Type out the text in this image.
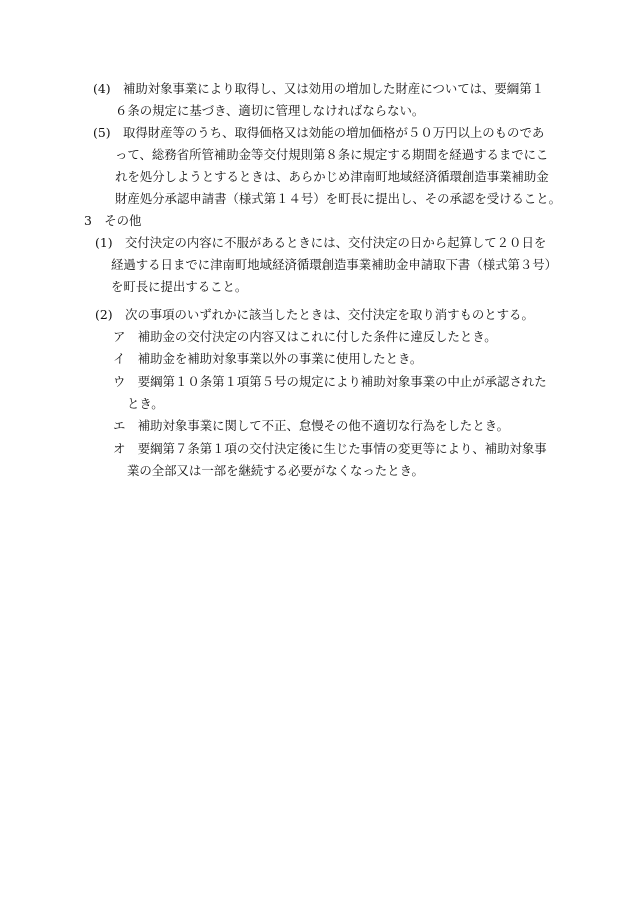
(4)　補助対象事業により取得し、又は効用の増加した財産については、要綱第１
６条の規定に基づき、適切に管理しなければならない。
(5)　取得財産等のうち、取得価格又は効能の増加価格が５０万円以上のものであ
って、総務省所管補助金等交付規則第８条に規定する期間を経過するまでにこ
れを処分しようとするときは、あらかじめ津南町地域経済循環創造事業補助金
財産処分承認申請書（様式第１４号）を町長に提出し、その承認を受けること。
3　その他
(1)　交付決定の内容に不服があるときには、交付決定の日から起算して２０日を
経過する日までに津南町地域経済循環創造事業補助金申請取下書（様式第３号）
を町長に提出すること。
(2)　次の事項のいずれかに該当したときは、交付決定を取り消すものとする。
ア　補助金の交付決定の内容又はこれに付した条件に違反したとき。
イ　補助金を補助対象事業以外の事業に使用したとき。
ウ　要綱第１０条第１項第５号の規定により補助対象事業の中止が承認された
とき。
エ　補助対象事業に関して不正、怠慢その他不適切な行為をしたとき。
オ　要綱第７条第１項の交付決定後に生じた事情の変更等により、補助対象事
業の全部又は一部を継続する必要がなくなったとき。
